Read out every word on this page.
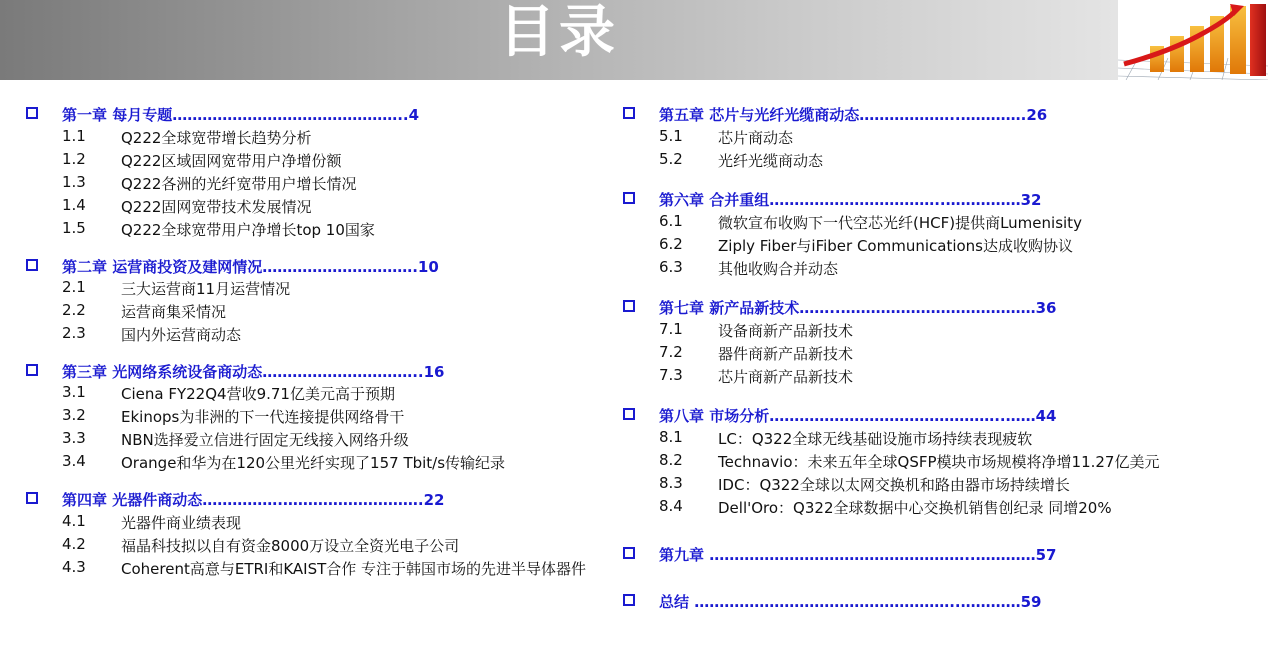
目录
第一章 每月专题………………………………………..4
1.1 Q222全球宽带增长趋势分析
1.2 Q222区域固网宽带用户净增份额
1.3 Q222各洲的光纤宽带用户增长情况
1.4 Q222固网宽带技术发展情况
1.5 Q222全球宽带用户净增长top 10国家
第二章 运营商投资及建网情况………………………….10
2.1 三大运营商11月运营情况
2.2 运营商集采情况
2.3 国内外运营商动态
第三章 光网络系统设备商动态…………………………..16
3.1 Ciena FY22Q4营收9.71亿美元高于预期
3.2 Ekinops为非洲的下一代连接提供网络骨干
3.3 NBN选择爱立信进行固定无线接入网络升级
3.4 Orange和华为在120公里光纤实现了157 Tbit/s传输纪录
第四章 光器件商动态…………….……………………….22
4.1 光器件商业绩表现
4.2 福晶科技拟以自有资金8000万设立全资光电子公司
4.3 Coherent高意与ETRI和KAIST合作 专注于韩国市场的先进半导体器件
第五章 芯片与光纤光缆商动态………………..………….26
5.1 芯片商动态
5.2 光纤光缆商动态
第六章 合并重组……………………………..……………32
6.1 微软宣布收购下一代空芯光纤(HCF)提供商Lumenisity
6.2 Ziply Fiber与iFiber Communications达成收购协议
6.3 其他收购合并动态
第七章 新产品新技术……..…………………………………36
7.1 设备商新产品新技术
7.2 器件商新产品新技术
7.3 芯片商新产品新技术
第八章 市场分析………………………………………..……44
8.1 LC：Q322全球无线基础设施市场持续表现疲软
8.2 Technavio：未来五年全球QSFP模块市场规模将净增11.27亿美元
8.3 IDC：Q322全球以太网交换机和路由器市场持续增长
8.4 Dell'Oro：Q322全球数据中心交换机销售创纪录 同增20%
第九章 ……………………………………………..…………57
总结 ……………………………………………..…………59
